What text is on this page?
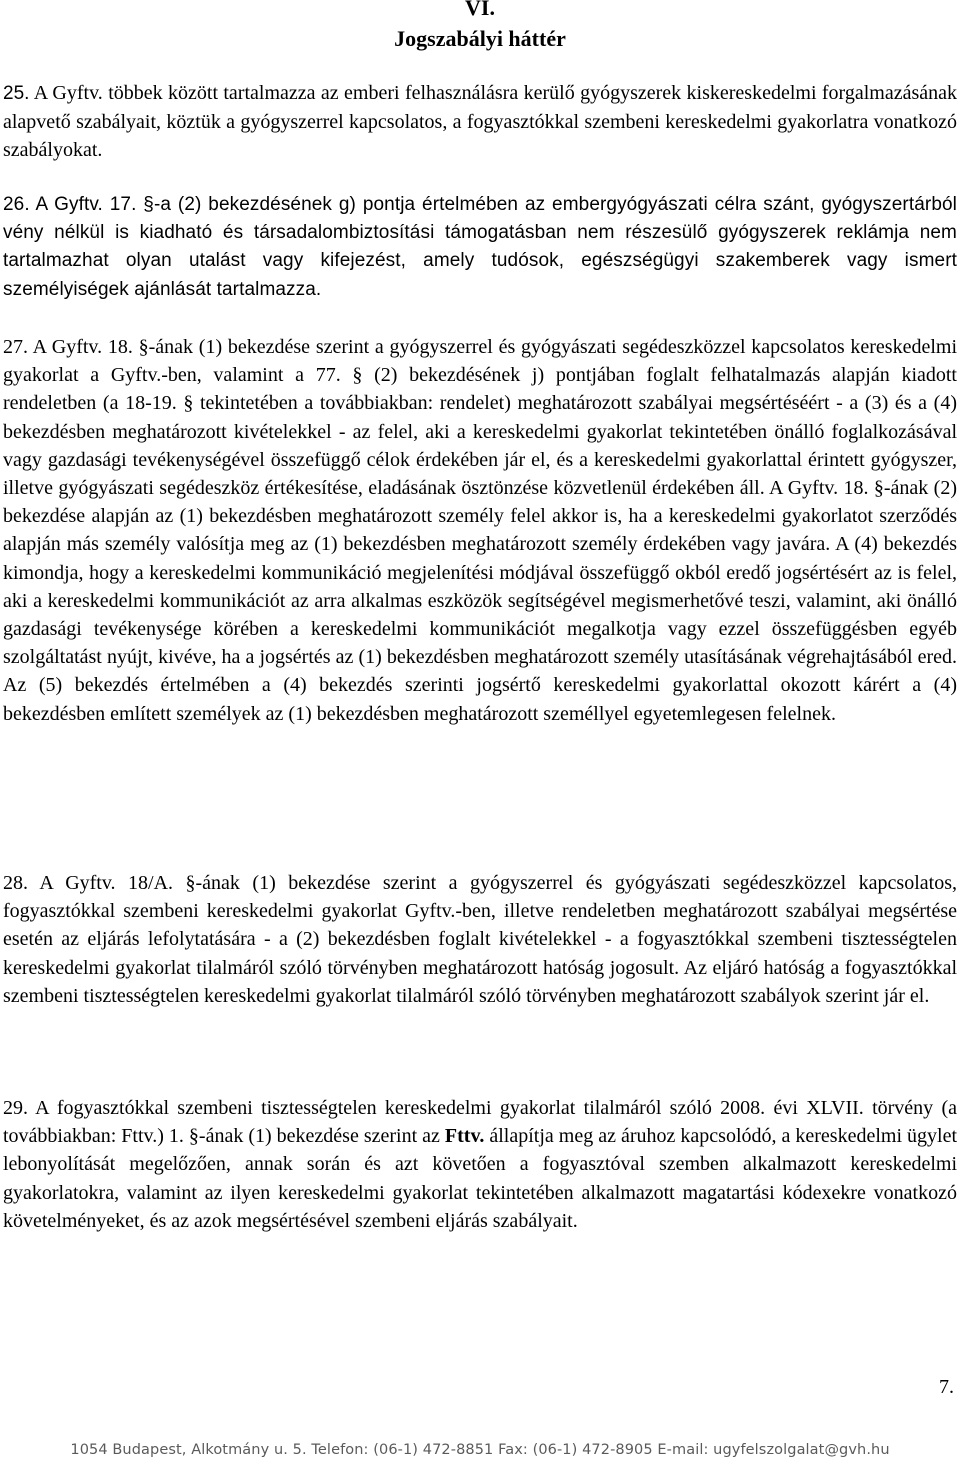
VI.
Jogszabályi háttér

25. A Gyftv. többek között tartalmazza az emberi felhasználásra kerülő gyógyszerek kiskereskedelmi forgalmazásának alapvető szabályait, köztük a gyógyszerrel kapcsolatos, a fogyasztókkal szembeni kereskedelmi gyakorlatra vonatkozó szabályokat.

26. A Gyftv. 17. §-a (2) bekezdésének g) pontja értelmében az embergyógyászati célra szánt, gyógyszertárból vény nélkül is kiadható és társadalombiztosítási támogatásban nem részesülő gyógyszerek reklámja nem tartalmazhat olyan utalást vagy kifejezést, amely tudósok, egészségügyi szakemberek vagy ismert személyiségek ajánlását tartalmazza.

27. A Gyftv. 18. §-ának (1) bekezdése szerint a gyógyszerrel és gyógyászati segédeszközzel kapcsolatos kereskedelmi gyakorlat a Gyftv.-ben, valamint a 77. § (2) bekezdésének j) pontjában foglalt felhatalmazás alapján kiadott rendeletben (a 18-19. § tekintetében a továbbiakban: rendelet) meghatározott szabályai megsértéséért - a (3) és a (4) bekezdésben meghatározott kivételekkel - az felel, aki a kereskedelmi gyakorlat tekintetében önálló foglalkozásával vagy gazdasági tevékenységével összefüggő célok érdekében jár el, és a kereskedelmi gyakorlattal érintett gyógyszer, illetve gyógyászati segédeszköz értékesítése, eladásának ösztönzése közvetlenül érdekében áll. A Gyftv. 18. §-ának (2) bekezdése alapján az (1) bekezdésben meghatározott személy felel akkor is, ha a kereskedelmi gyakorlatot szerződés alapján más személy valósítja meg az (1) bekezdésben meghatározott személy érdekében vagy javára. A (4) bekezdés kimondja, hogy a kereskedelmi kommunikáció megjelenítési módjával összefüggő okból eredő jogsértésért az is felel, aki a kereskedelmi kommunikációt az arra alkalmas eszközök segítségével megismerhetővé teszi, valamint, aki önálló gazdasági tevékenysége körében a kereskedelmi kommunikációt megalkotja vagy ezzel összefüggésben egyéb szolgáltatást nyújt, kivéve, ha a jogsértés az (1) bekezdésben meghatározott személy utasításának végrehajtásából ered. Az (5) bekezdés értelmében a (4) bekezdés szerinti jogsértő kereskedelmi gyakorlattal okozott kárért a (4) bekezdésben említett személyek az (1) bekezdésben meghatározott személlyel egyetemlegesen felelnek.

28. A Gyftv. 18/A. §-ának (1) bekezdése szerint a gyógyszerrel és gyógyászati segédeszközzel kapcsolatos, fogyasztókkal szembeni kereskedelmi gyakorlat Gyftv.-ben, illetve rendeletben meghatározott szabályai megsértése esetén az eljárás lefolytatására - a (2) bekezdésben foglalt kivételekkel - a fogyasztókkal szembeni tisztességtelen kereskedelmi gyakorlat tilalmáról szóló törvényben meghatározott hatóság jogosult. Az eljáró hatóság a fogyasztókkal szembeni tisztességtelen kereskedelmi gyakorlat tilalmáról szóló törvényben meghatározott szabályok szerint jár el.

29. A fogyasztókkal szembeni tisztességtelen kereskedelmi gyakorlat tilalmáról szóló 2008. évi XLVII. törvény (a továbbiakban: Fttv.) 1. §-ának (1) bekezdése szerint az Fttv. állapítja meg az áruhoz kapcsolódó, a kereskedelmi ügylet lebonyolítását megelőzően, annak során és azt követően a fogyasztóval szemben alkalmazott kereskedelmi gyakorlatokra, valamint az ilyen kereskedelmi gyakorlat tekintetében alkalmazott magatartási kódexekre vonatkozó követelményeket, és az azok megsértésével szembeni eljárás szabályait.

7.
1054 Budapest, Alkotmány u. 5. Telefon: (06-1) 472-8851 Fax: (06-1) 472-8905 E-mail: ugyfelszolgalat@gvh.hu
